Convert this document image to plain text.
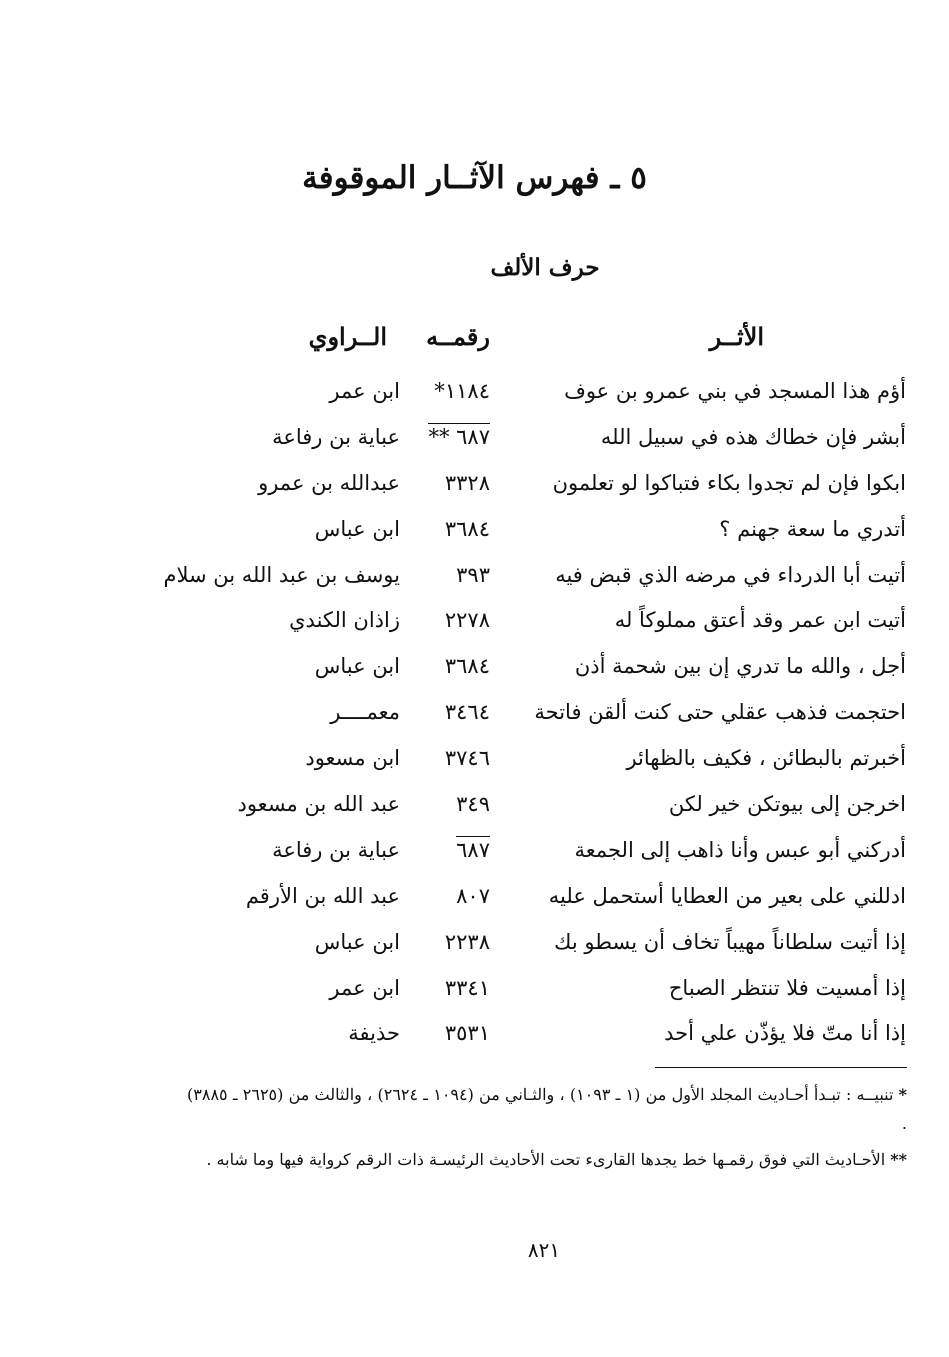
٥ ـ فهرس الآثــار الموقوفة
حرف الألف
الأثــر
رقمــه
الــراوي
أؤم هذا المسجد في بني عمرو بن عوف
١١٨٤*
ابن عمر
أبشر فإن خطاك هذه في سبيل الله
٦٨٧ **
عباية بن رفاعة
ابكوا فإن لم تجدوا بكاء فتباكوا لو تعلمون
٣٣٢٨
عبدالله بن عمرو
أتدري ما سعة جهنم ؟
٣٦٨٤
ابن عباس
أتيت أبا الدرداء في مرضه الذي قبض فيه
٣٩٣
يوسف بن عبد الله بن سلام
أتيت ابن عمر وقد أعتق مملوكاً له
٢٢٧٨
زاذان الكندي
أجل ، والله ما تدري إن بين شحمة أذن
٣٦٨٤
ابن عباس
احتجمت فذهب عقلي حتى كنت ألقن فاتحة
٣٤٦٤
معمــــر
أخبرتم بالبطائن ، فكيف بالظهائر
٣٧٤٦
ابن مسعود
اخرجن إلى بيوتكن خير لكن
٣٤٩
عبد الله بن مسعود
أدركني أبو عبس وأنا ذاهب إلى الجمعة
٦٨٧
عباية بن رفاعة
ادللني على بعير من العطايا أستحمل عليه
٨٠٧
عبد الله بن الأرقم
إذا أتيت سلطاناً مهيباً تخاف أن يسطو بك
٢٢٣٨
ابن عباس
إذا أمسيت فلا تنتظر الصباح
٣٣٤١
ابن عمر
إذا أنا متّ فلا يؤذّن علي أحد
٣٥٣١
حذيفة

* تنبيــه : تبـدأ أحـاديث المجلد الأول من (١ ـ ١٠٩٣) ، والثـاني من (١٠٩٤ ـ ٢٦٢٤) ، والثالث من (٢٦٢٥ ـ ٣٨٨٥) .

** الأحـاديث التي فوق رقمـها خط يجدها القارىء تحت الأحاديث الرئيسـة ذات الرقم كرواية فيها وما شابه .

٨٢١
